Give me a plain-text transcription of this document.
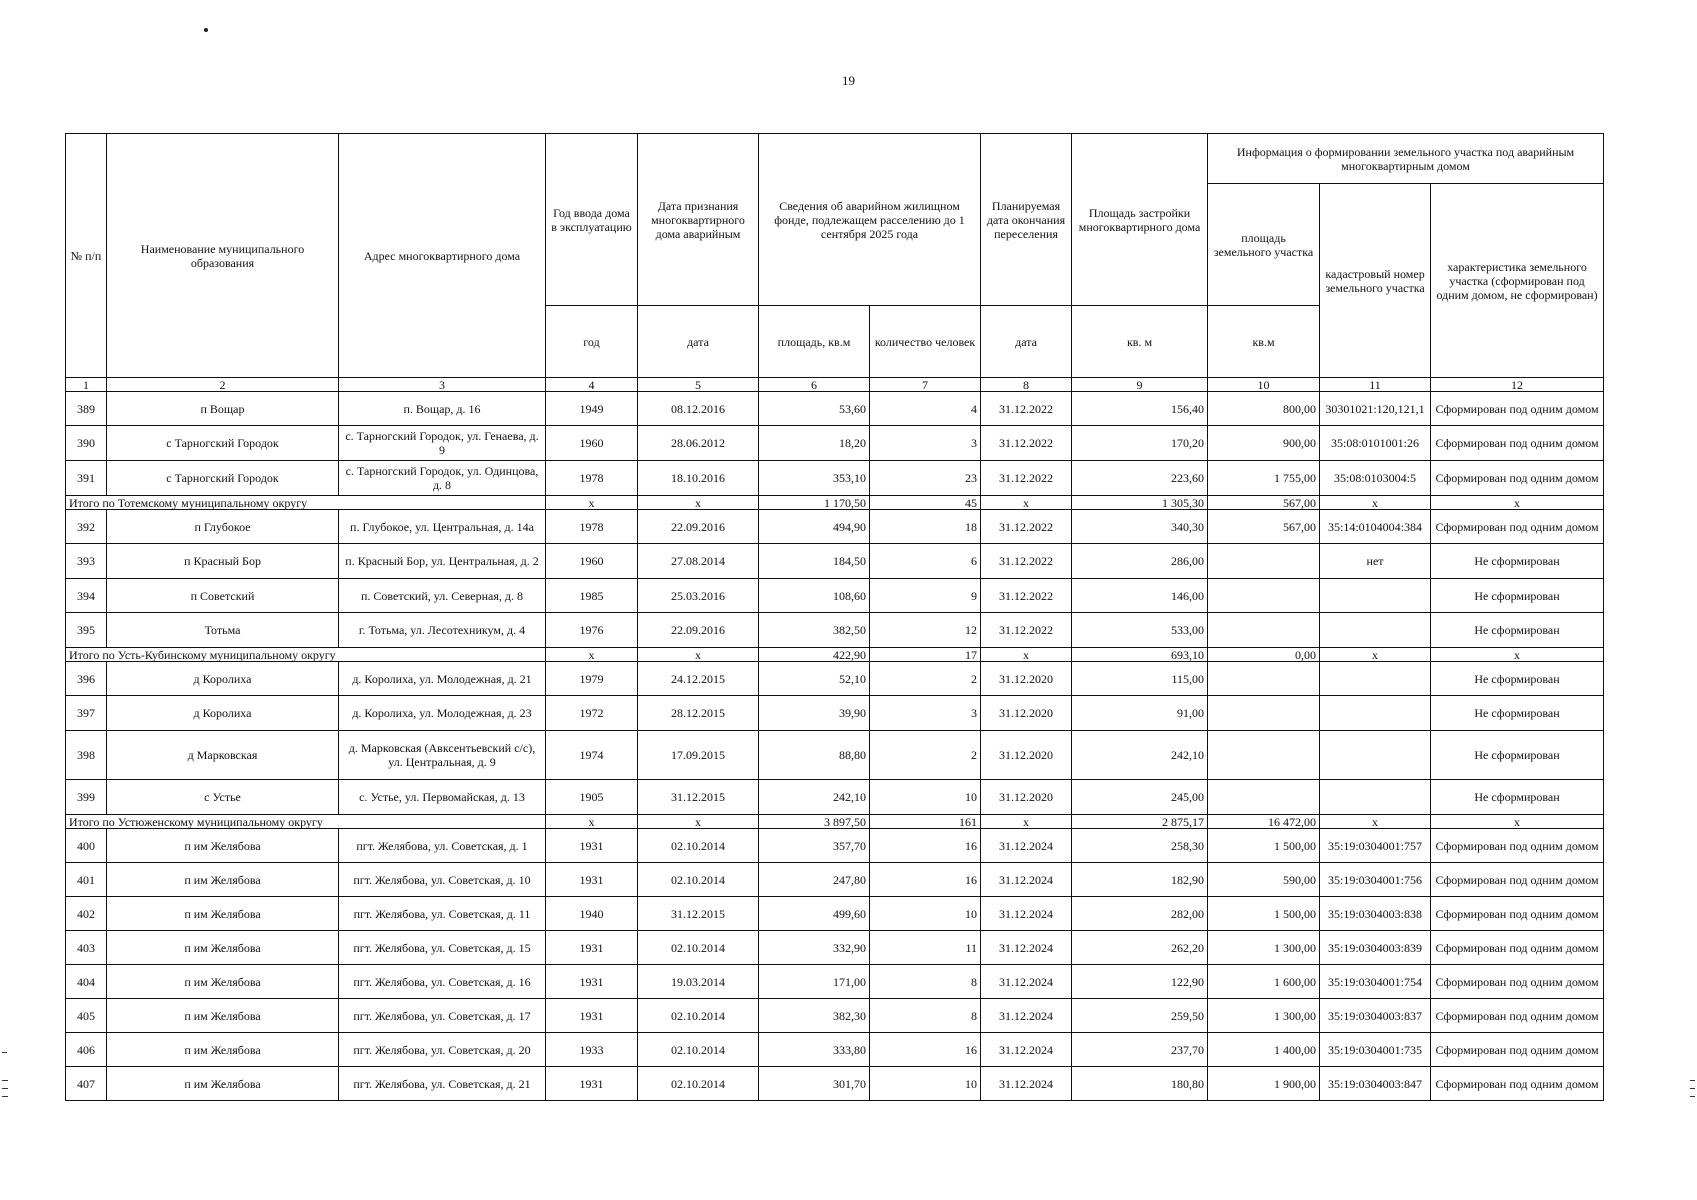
19
№ п/п	Наименование муниципального образования	Адрес многоквартирного дома	Год ввода дома в эксплуатацию	Дата признания многоквартирного дома аварийным	Сведения об аварийном жилищном фонде, подлежащем расселению до 1 сентября 2025 года		Планируемая дата окончания переселения	Площадь застройки многоквартирного дома	Информация о формировании земельного участка под аварийным многоквартирным домом		
									площадь земельного участка	кадастровый номер земельного участка	характеристика земельного участка (сформирован под одним домом, не сформирован)
			год	дата	площадь, кв.м	количество человек	дата	кв. м	кв.м		
1	2	3	4	5	6	7	8	9	10	11	12
389	п Вощар	п. Вощар, д. 16	1949	08.12.2016	53,60	4	31.12.2022	156,40	800,00	30301021:120,121,1	Сформирован под одним домом
390	с Тарногский Городок	с. Тарногский Городок, ул. Генаева, д. 9	1960	28.06.2012	18,20	3	31.12.2022	170,20	900,00	35:08:0101001:26	Сформирован под одним домом
391	с Тарногский Городок	с. Тарногский Городок, ул. Одинцова, д. 8	1978	18.10.2016	353,10	23	31.12.2022	223,60	1 755,00	35:08:0103004:5	Сформирован под одним домом
Итого по Тотемскому муниципальному округу			x	x	1 170,50	45	x	1 305,30	567,00	x	x
392	п Глубокое	п. Глубокое, ул. Центральная, д. 14а	1978	22.09.2016	494,90	18	31.12.2022	340,30	567,00	35:14:0104004:384	Сформирован под одним домом
393	п Красный Бор	п. Красный Бор, ул. Центральная, д. 2	1960	27.08.2014	184,50	6	31.12.2022	286,00		нет	Не сформирован
394	п Советский	п. Советский, ул. Северная, д. 8	1985	25.03.2016	108,60	9	31.12.2022	146,00			Не сформирован
395	Тотьма	г. Тотьма, ул. Лесотехникум, д. 4	1976	22.09.2016	382,50	12	31.12.2022	533,00			Не сформирован
Итого по Усть-Кубинскому муниципальному округу			x	x	422,90	17	x	693,10	0,00	x	x
396	д Королиха	д. Королиха, ул. Молодежная, д. 21	1979	24.12.2015	52,10	2	31.12.2020	115,00			Не сформирован
397	д Королиха	д. Королиха, ул. Молодежная, д. 23	1972	28.12.2015	39,90	3	31.12.2020	91,00			Не сформирован
398	д Марковская	д. Марковская (Авксентьевский с/с), ул. Центральная, д. 9	1974	17.09.2015	88,80	2	31.12.2020	242,10			Не сформирован
399	с Устье	с. Устье, ул. Первомайская, д. 13	1905	31.12.2015	242,10	10	31.12.2020	245,00			Не сформирован
Итого по Устюженскому муниципальному округу			x	x	3 897,50	161	x	2 875,17	16 472,00	x	x
400	п им Желябова	пгт. Желябова, ул. Советская, д. 1	1931	02.10.2014	357,70	16	31.12.2024	258,30	1 500,00	35:19:0304001:757	Сформирован под одним домом
401	п им Желябова	пгт. Желябова, ул. Советская, д. 10	1931	02.10.2014	247,80	16	31.12.2024	182,90	590,00	35:19:0304001:756	Сформирован под одним домом
402	п им Желябова	пгт. Желябова, ул. Советская, д. 11	1940	31.12.2015	499,60	10	31.12.2024	282,00	1 500,00	35:19:0304003:838	Сформирован под одним домом
403	п им Желябова	пгт. Желябова, ул. Советская, д. 15	1931	02.10.2014	332,90	11	31.12.2024	262,20	1 300,00	35:19:0304003:839	Сформирован под одним домом
404	п им Желябова	пгт. Желябова, ул. Советская, д. 16	1931	19.03.2014	171,00	8	31.12.2024	122,90	1 600,00	35:19:0304001:754	Сформирован под одним домом
405	п им Желябова	пгт. Желябова, ул. Советская, д. 17	1931	02.10.2014	382,30	8	31.12.2024	259,50	1 300,00	35:19:0304003:837	Сформирован под одним домом
406	п им Желябова	пгт. Желябова, ул. Советская, д. 20	1933	02.10.2014	333,80	16	31.12.2024	237,70	1 400,00	35:19:0304001:735	Сформирован под одним домом
407	п им Желябова	пгт. Желябова, ул. Советская, д. 21	1931	02.10.2014	301,70	10	31.12.2024	180,80	1 900,00	35:19:0304003:847	Сформирован под одним домом
